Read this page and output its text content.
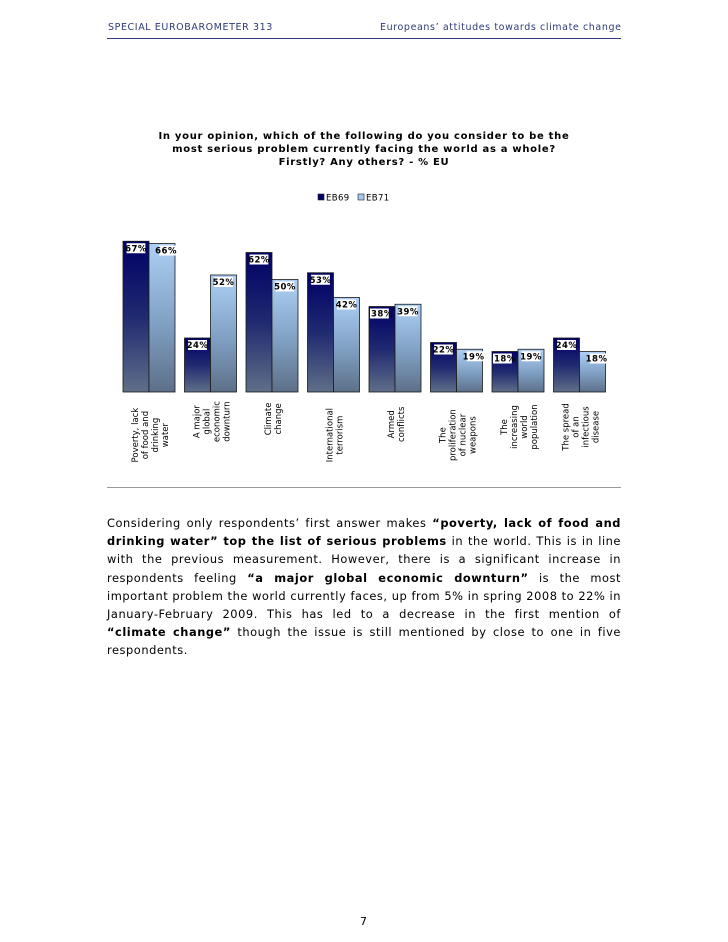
SPECIAL EUROBAROMETER 313	Europeans’ attitudes towards climate change
In your opinion, which of the following do you consider to be the
most serious problem currently facing the world as a whole?
Firstly? Any others? - % EU
EB69 EB71
67% 66%
Poverty, lackof food anddrinkingwater
24%
52%
A majorglobaleconomicdownturn
62%
50%
Climatechange
53%
42%
Internationalterrorism
38% 39%
Armedconflicts
22%
19%
Theproliferationof nuclearweapons
18% 19%
Theincreasingworldpopulation
24%
18%
The spreadof aninfectiousdisease

Considering only respondents’ first answer makes “poverty, lack of food and drinking water” top the list of serious problems in the world. This is in line with the previous measurement. However, there is a significant increase in respondents feeling “a major global economic downturn” is the most important problem the world currently faces, up from 5% in spring 2008 to 22% in January-February 2009. This has led to a decrease in the first mention of “climate change” though the issue is still mentioned by close to one in five respondents.

7
